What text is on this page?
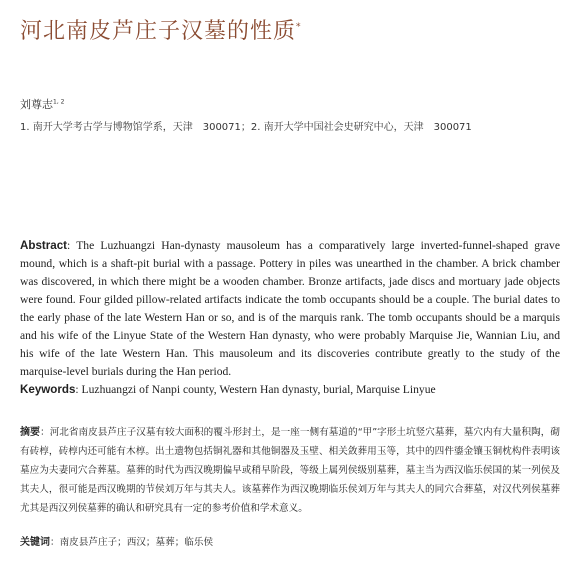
河北南皮芦庄子汉墓的性质*
刘尊志$^{1, 2}$
1. 南开大学考古学与博物馆学系，天津　300071；2. 南开大学中国社会史研究中心，天津　300071
Abstract: The Luzhuangzi Han-dynasty mausoleum has a comparatively large inverted-funnel-shaped grave mound, which is a shaft-pit burial with a passage. Pottery in piles was unearthed in the chamber. A brick chamber was discovered, in which there might be a wooden chamber. Bronze artifacts, jade discs and mortuary jade objects were found. Four gilded pillow-related artifacts indicate the tomb occupants should be a couple. The burial dates to the early phase of the late Western Han or so, and is of the marquis rank. The tomb occupants should be a marquis and his wife of the Linyue State of the Western Han dynasty, who were probably Marquise Jie, Wannian Liu, and his wife of the late Western Han. This mausoleum and its discoveries contribute greatly to the study of the marquise-level burials during the Han period.
Keywords: Luzhuangzi of Nanpi county, Western Han dynasty, burial, Marquise Linyue
摘要：河北省南皮县芦庄子汉墓有较大面积的覆斗形封土，是一座一侧有墓道的“甲”字形土坑竖穴墓葬，墓穴内有大量积陶，砌有砖椁，砖椁内还可能有木椁。出土遗物包括铜礼器和其他铜器及玉壁、相关敛葬用玉等，其中的四件鎏金镶玉铜枕构件表明该墓应为夫妻同穴合葬墓。墓葬的时代为西汉晚期偏早或稍早阶段，等级上属列侯级别墓葬，墓主当为西汉临乐侯国的某一列侯及其夫人，很可能是西汉晚期的节侯刘万年与其夫人。该墓葬作为西汉晚期临乐侯刘万年与其夫人的同穴合葬墓，对汉代列侯墓葬尤其是西汉列侯墓葬的确认和研究具有一定的参考价值和学术意义。
关键词：南皮县芦庄子；西汉；墓葬；临乐侯
